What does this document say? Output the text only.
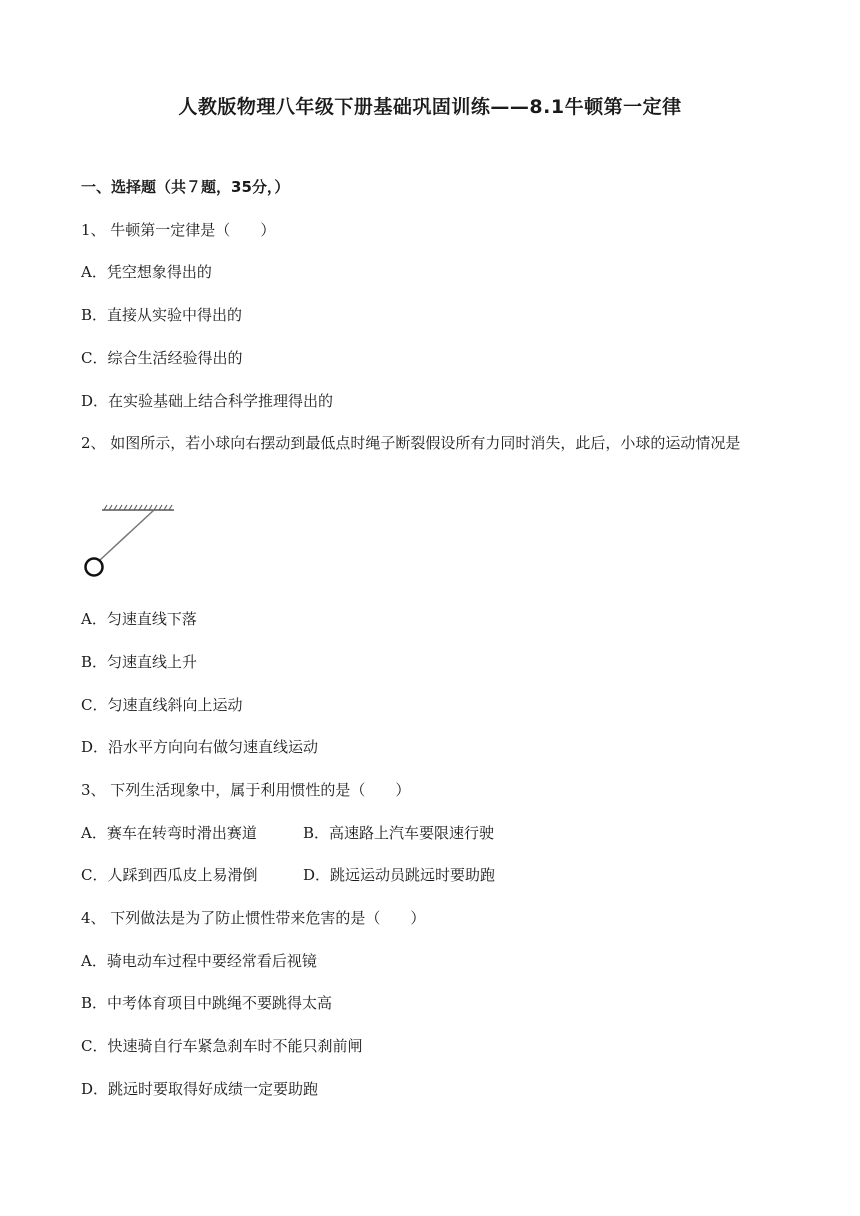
人教版物理八年级下册基础巩固训练——8.1牛顿第一定律
一、选择题（共７题，35分，）
1、 牛顿第一定律是（　　）
A．凭空想象得出的
B．直接从实验中得出的
C．综合生活经验得出的
D．在实验基础上结合科学推理得出的
2、 如图所示，若小球向右摆动到最低点时绳子断裂假设所有力同时消失，此后，小球的运动情况是
A．匀速直线下落
B．匀速直线上升
C．匀速直线斜向上运动
D．沿水平方向向右做匀速直线运动
3、 下列生活现象中，属于利用惯性的是（　　）
A．赛车在转弯时滑出赛道	B．高速路上汽车要限速行驶
C．人踩到西瓜皮上易滑倒	D．跳远运动员跳远时要助跑
4、 下列做法是为了防止惯性带来危害的是（　　）
A．骑电动车过程中要经常看后视镜
B．中考体育项目中跳绳不要跳得太高
C．快速骑自行车紧急刹车时不能只刹前闸
D．跳远时要取得好成绩一定要助跑
